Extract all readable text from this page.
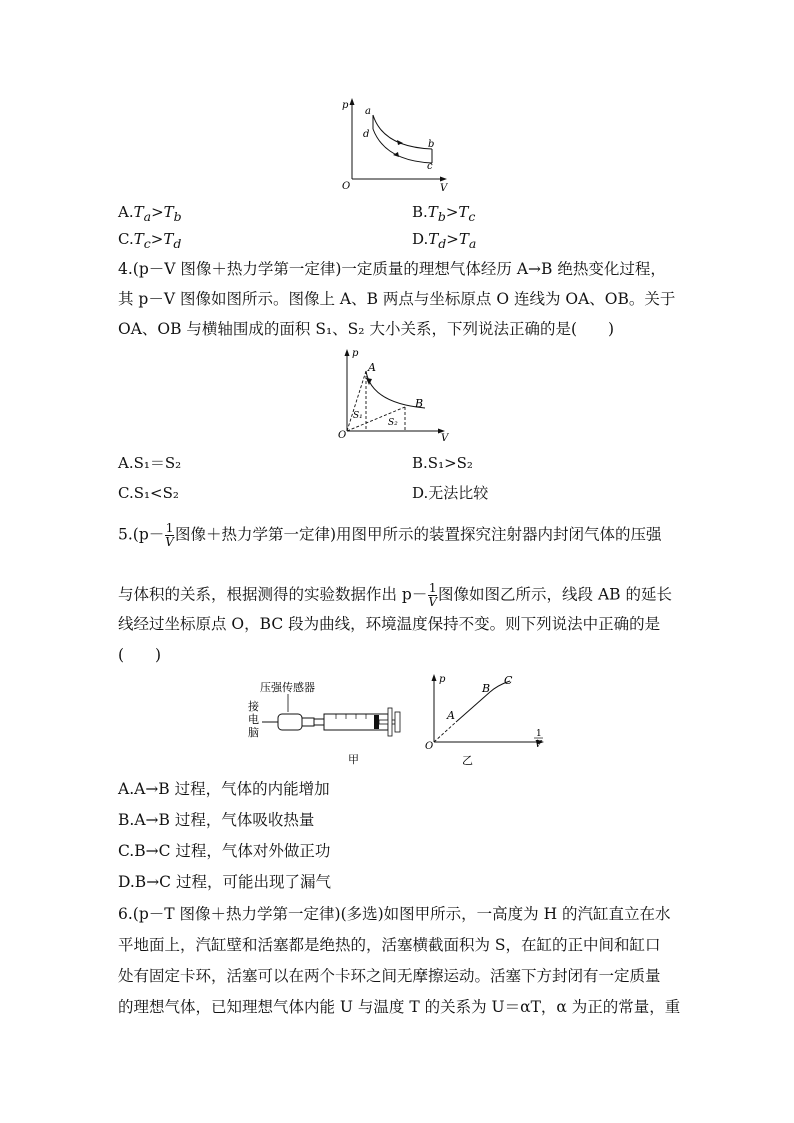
p
a
d
b
c
O	V
$A.T_a>T_b$	$B.T_b>T_c$
$C.T_c>T_d$	$D.T_d>T_a$
4.(p－V 图像＋热力学第一定律)一定质量的理想气体经历 A→B 绝热变化过程，
其 p－V 图像如图所示。图像上 A、B 两点与坐标原点 O 连线为 OA、OB。关于
OA、OB 与横轴围成的面积 S₁、S₂ 大小关系，下列说法正确的是(　　)
p
A
B
S₁
S₂
O	V
A.S₁＝S₂	B.S₁>S₂
C.S₁<S₂	D.无法比较
$5.(p- \frac{1}{V}$ 图像＋热力学第一定律)用图甲所示的装置探究注射器内封闭气体的压强
与体积的关系，根据测得的实验数据作出 $p- \frac{1}{V}$ 图像如图乙所示，线段 AB 的延长
线经过坐标原点 O，BC 段为曲线，环境温度保持不变。则下列说法中正确的是
(　　)
压强传感器
接
电
脑
甲
p
A
B
C
O
1
V
乙
A.A→B 过程，气体的内能增加
B.A→B 过程，气体吸收热量
C.B→C 过程，气体对外做正功
D.B→C 过程，可能出现了漏气
6.(p－T 图像＋热力学第一定律)(多选)如图甲所示，一高度为 H 的汽缸直立在水
平地面上，汽缸壁和活塞都是绝热的，活塞横截面积为 S，在缸的正中间和缸口
处有固定卡环，活塞可以在两个卡环之间无摩擦运动。活塞下方封闭有一定质量
的理想气体，已知理想气体内能 U 与温度 T 的关系为 U＝αT，α 为正的常量，重
